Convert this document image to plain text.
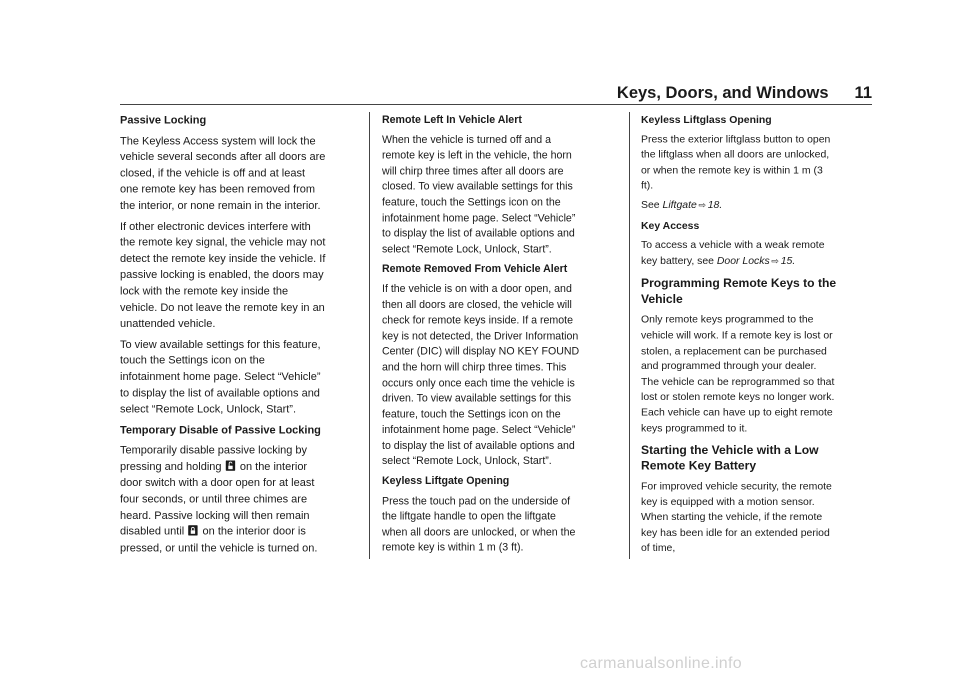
Keys, Doors, and Windows 11

Passive Locking

The Keyless Access system will lock the vehicle several seconds after all doors are closed, if the vehicle is off and at least one remote key has been removed from the interior, or none remain in the interior.

If other electronic devices interfere with the remote key signal, the vehicle may not detect the remote key inside the vehicle. If passive locking is enabled, the doors may lock with the remote key inside the vehicle. Do not leave the remote key in an unattended vehicle.

To view available settings for this feature, touch the Settings icon on the infotainment home page. Select “Vehicle” to display the list of available options and select “Remote Lock, Unlock, Start”.

Temporary Disable of Passive Locking

Temporarily disable passive locking by pressing and holding on the interior door switch with a door open for at least four seconds, or until three chimes are heard. Passive locking will then remain disabled until on the interior door is pressed, or until the vehicle is turned on.

Remote Left In Vehicle Alert

When the vehicle is turned off and a remote key is left in the vehicle, the horn will chirp three times after all doors are closed. To view available settings for this feature, touch the Settings icon on the infotainment home page. Select “Vehicle” to display the list of available options and select “Remote Lock, Unlock, Start”.

Remote Removed From Vehicle Alert

If the vehicle is on with a door open, and then all doors are closed, the vehicle will check for remote keys inside. If a remote key is not detected, the Driver Information Center (DIC) will display NO KEY FOUND and the horn will chirp three times. This occurs only once each time the vehicle is driven. To view available settings for this feature, touch the Settings icon on the infotainment home page. Select “Vehicle” to display the list of available options and select “Remote Lock, Unlock, Start”.

Keyless Liftgate Opening

Press the touch pad on the underside of the liftgate handle to open the liftgate when all doors are unlocked, or when the remote key is within 1 m (3 ft).

Keyless Liftglass Opening

Press the exterior liftglass button to open the liftglass when all doors are unlocked, or when the remote key is within 1 m (3 ft).

See Liftgate ⇨ 18.

Key Access

To access a vehicle with a weak remote key battery, see Door Locks ⇨ 15.

Programming Remote Keys to the Vehicle

Only remote keys programmed to the vehicle will work. If a remote key is lost or stolen, a replacement can be purchased and programmed through your dealer. The vehicle can be reprogrammed so that lost or stolen remote keys no longer work. Each vehicle can have up to eight remote keys programmed to it.

Starting the Vehicle with a Low Remote Key Battery

For improved vehicle security, the remote key is equipped with a motion sensor. When starting the vehicle, if the remote key has been idle for an extended period of time,

carmanualsonline.info
